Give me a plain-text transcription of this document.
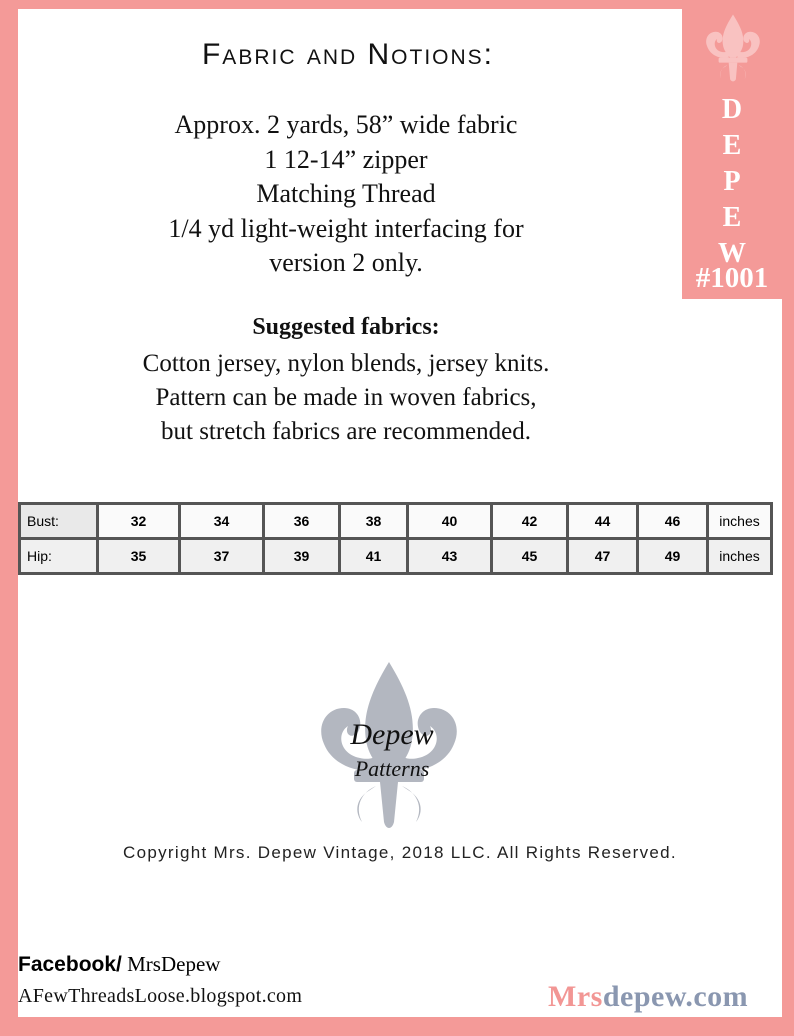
D
E
P
E
W
#1001
Fabric and Notions:
Approx. 2 yards, 58” wide fabric
1 12-14” zipper
Matching Thread
1/4 yd light-weight interfacing for
version 2 only.
Suggested fabrics:
Cotton jersey, nylon blends, jersey knits.
Pattern can be made in woven fabrics,
but stretch fabrics are recommended.
Bust:	32	34	36	38	40	42	44	46	inches
Hip:	35	37	39	41	43	45	47	49	inches
Depew
Patterns
Copyright Mrs. Depew Vintage, 2018 LLC. All Rights Reserved.
Facebook/ MrsDepew
AFewThreadsLoose.blogspot.com	Mrsdepew.com
